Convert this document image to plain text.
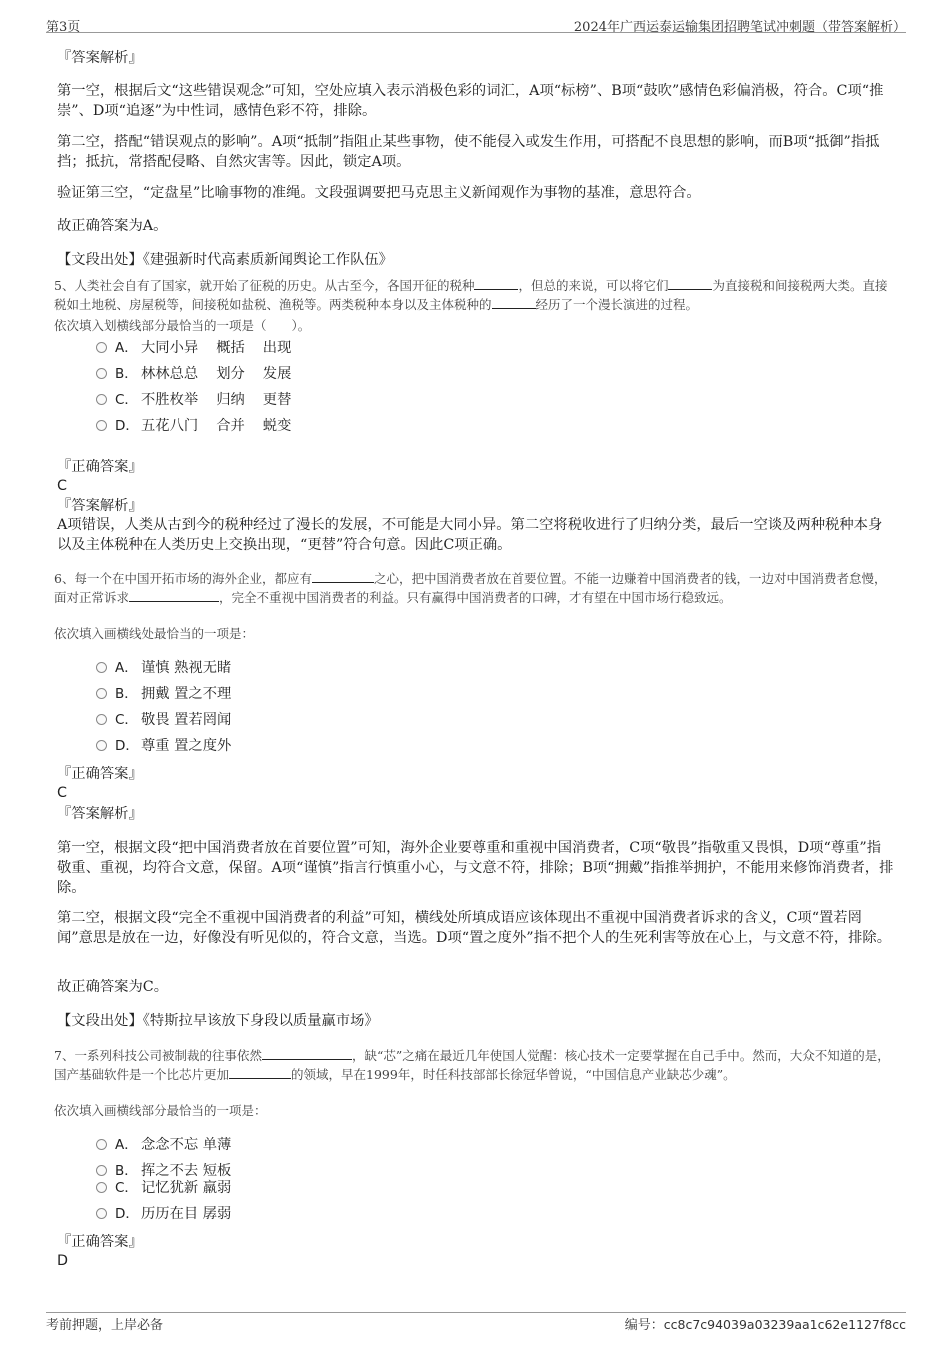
第3页	2024年广西运泰运输集团招聘笔试冲刺题（带答案解析）

『答案解析』

第一空，根据后文“这些错误观念”可知，空处应填入表示消极色彩的词汇，A项“标榜”、B项“鼓吹”感情色彩偏消极，符合。C项“推崇”、D项“追逐”为中性词，感情色彩不符，排除。

第二空，搭配“错误观点的影响”。A项“抵制”指阻止某些事物，使不能侵入或发生作用，可搭配不良思想的影响，而B项“抵御”指抵挡；抵抗，常搭配侵略、自然灾害等。因此，锁定A项。

验证第三空，“定盘星”比喻事物的准绳。文段强调要把马克思主义新闻观作为事物的基准，意思符合。

故正确答案为A。

【文段出处】《建强新时代高素质新闻舆论工作队伍》

5、人类社会自有了国家，就开始了征税的历史。从古至今，各国开征的税种	，但总的来说，可以将它们	为直接税和间接税两大类。直接税如土地税、房屋税等，间接税如盐税、渔税等。两类税种本身以及主体税种的	经历了一个漫长演进的过程。

依次填入划横线部分最恰当的一项是（　　）。

A． 大同小异 概括 出现
B． 林林总总 划分 发展
C． 不胜枚举 归纳 更替
D． 五花八门 合并 蜕变

『正确答案』

C

『答案解析』

A项错误，人类从古到今的税种经过了漫长的发展，不可能是大同小异。第二空将税收进行了归纳分类，最后一空谈及两种税种本身以及主体税种在人类历史上交换出现，“更替”符合句意。因此C项正确。

6、每一个在中国开拓市场的海外企业，都应有	之心，把中国消费者放在首要位置。不能一边赚着中国消费者的钱，一边对中国消费者怠慢，面对正常诉求	，完全不重视中国消费者的利益。只有赢得中国消费者的口碑，才有望在中国市场行稳致远。

依次填入画横线处最恰当的一项是：

A． 谨慎 熟视无睹
B． 拥戴 置之不理
C． 敬畏 置若罔闻
D． 尊重 置之度外

『正确答案』

C

『答案解析』

第一空，根据文段“把中国消费者放在首要位置”可知，海外企业要尊重和重视中国消费者，C项“敬畏”指敬重又畏惧，D项“尊重”指敬重、重视，均符合文意，保留。A项“谨慎”指言行慎重小心，与文意不符，排除；B项“拥戴”指推举拥护，不能用来修饰消费者，排除。

第二空，根据文段“完全不重视中国消费者的利益”可知，横线处所填成语应该体现出不重视中国消费者诉求的含义，C项“置若罔闻”意思是放在一边，好像没有听见似的，符合文意，当选。D项“置之度外”指不把个人的生死利害等放在心上，与文意不符，排除。

故正确答案为C。

【文段出处】《特斯拉早该放下身段以质量赢市场》

7、一系列科技公司被制裁的往事依然	，缺“芯”之痛在最近几年使国人觉醒：核心技术一定要掌握在自己手中。然而，大众不知道的是，国产基础软件是一个比芯片更加	的领域，早在1999年，时任科技部部长徐冠华曾说，“中国信息产业缺芯少魂”。

依次填入画横线部分最恰当的一项是：

A． 念念不忘 单薄
B． 挥之不去 短板
C． 记忆犹新 羸弱
D． 历历在目 孱弱

『正确答案』

D

考前押题，上岸必备	编号：cc8c7c94039a03239aa1c62e1127f8cc
